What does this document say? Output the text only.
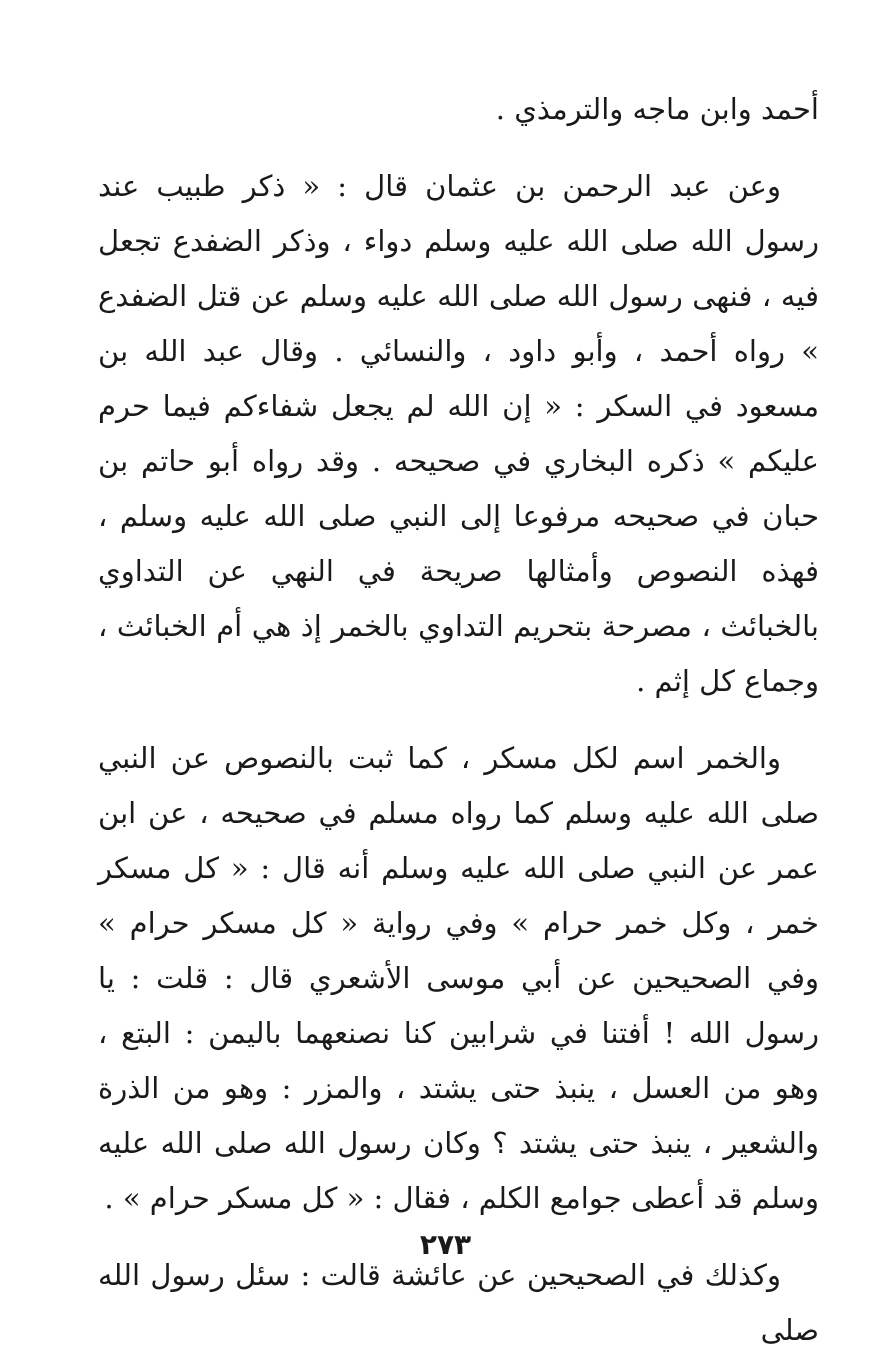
أحمد وابن ماجه والترمذي .

وعن عبد الرحمن بن عثمان قال : « ذكر طبيب عند رسول الله صلى الله عليه وسلم دواء ، وذكر الضفدع تجعل فيه ، فنهى رسول الله صلى الله عليه وسلم عن قتل الضفدع » رواه أحمد ، وأبو داود ، والنسائي . وقال عبد الله بن مسعود في السكر : « إن الله لم يجعل شفاءكم فيما حرم عليكم » ذكره البخاري في صحيحه . وقد رواه أبو حاتم بن حبان في صحيحه مرفوعا إلى النبي صلى الله عليه وسلم ، فهذه النصوص وأمثالها صريحة في النهي عن التداوي بالخبائث ، مصرحة بتحريم التداوي بالخمر إذ هي أم الخبائث ، وجماع كل إثم .

والخمر اسم لكل مسكر ، كما ثبت بالنصوص عن النبي صلى الله عليه وسلم كما رواه مسلم في صحيحه ، عن ابن عمر عن النبي صلى الله عليه وسلم أنه قال : « كل مسكر خمر ، وكل خمر حرام » وفي رواية « كل مسكر حرام » وفي الصحيحين عن أبي موسى الأشعري قال : قلت : يا رسول الله ! أفتنا في شرابين كنا نصنعهما باليمن : البتع ، وهو من العسل ، ينبذ حتى يشتد ، والمزر : وهو من الذرة والشعير ، ينبذ حتى يشتد ؟ وكان رسول الله صلى الله عليه وسلم قد أعطى جوامع الكلم ، فقال : « كل مسكر حرام » .

وكذلك في الصحيحين عن عائشة قالت : سئل رسول الله صلى

٢٧٣
